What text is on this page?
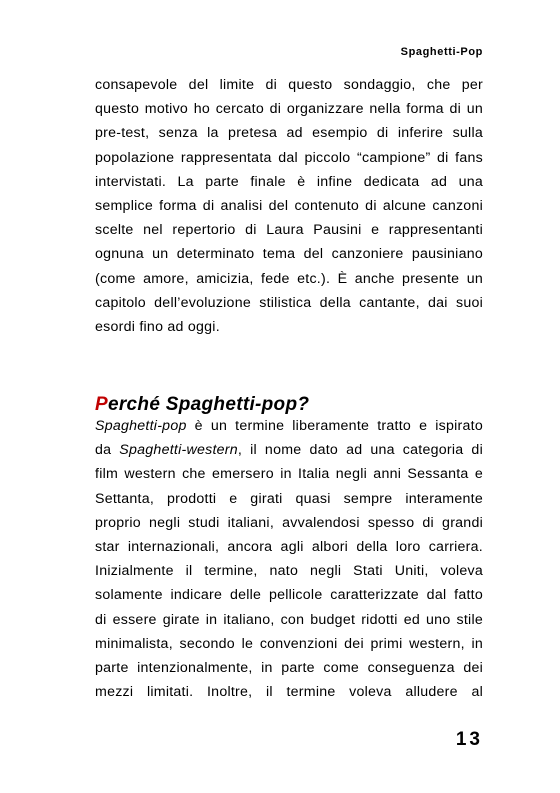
Spaghetti-Pop
consapevole del limite di questo sondaggio, che per
questo motivo ho cercato di organizzare nella forma di un
pre-test, senza la pretesa ad esempio di inferire sulla
popolazione rappresentata dal piccolo “campione” di fans
intervistati. La parte finale è infine dedicata ad una
semplice forma di analisi del contenuto di alcune canzoni
scelte nel repertorio di Laura Pausini e rappresentanti
ognuna un determinato tema del canzoniere pausiniano
(come amore, amicizia, fede etc.). È anche presente un
capitolo dell’evoluzione stilistica della cantante, dai suoi
esordi fino ad oggi.
Perché Spaghetti-pop?
Spaghetti-pop è un termine liberamente tratto e ispirato
da Spaghetti-western, il nome dato ad una categoria di
film western che emersero in Italia negli anni Sessanta e
Settanta, prodotti e girati quasi sempre interamente
proprio negli studi italiani, avvalendosi spesso di grandi
star internazionali, ancora agli albori della loro carriera.
Inizialmente il termine, nato negli Stati Uniti, voleva
solamente indicare delle pellicole caratterizzate dal fatto
di essere girate in italiano, con budget ridotti ed uno stile
minimalista, secondo le convenzioni dei primi western, in
parte intenzionalmente, in parte come conseguenza dei
mezzi limitati. Inoltre, il termine voleva alludere al
13
